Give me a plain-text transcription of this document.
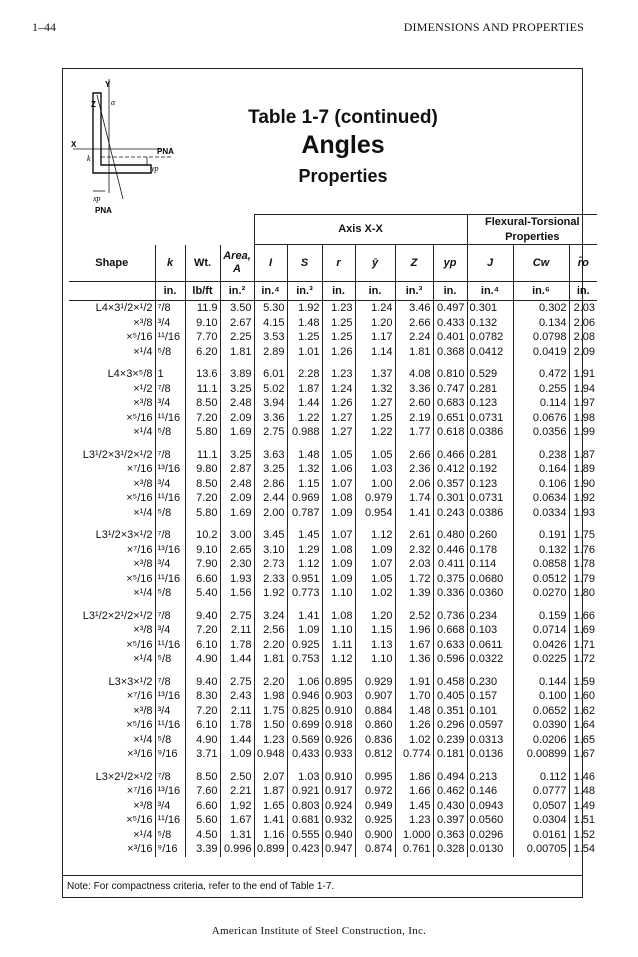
1–44	DIMENSIONS AND PROPERTIES
Y
Z α
X
PNA
yp
k
xp
PNA
Table 1-7 (continued)
Angles
Properties
				Axis X-X						Flexural-Torsional
Properties		
Shape	k	Wt.	Area,
A	I	S	r	ȳ	Z	yp	J	Cw	r̄o
	in.	lb/ft	in.²	in.⁴	in.³	in.	in.	in.³	in.	in.⁴	in.⁶	in.
L4×3¹/2×¹/2	⁷/8	11.9	3.50	5.30	1.92	1.23	1.24	3.46	0.497	0.301	0.302	2.03
×³/8	³/4	9.10	2.67	4.15	1.48	1.25	1.20	2.66	0.433	0.132	0.134	2.06
×⁵/16	¹¹/16	7.70	2.25	3.53	1.25	1.25	1.17	2.24	0.401	0.0782	0.0798	2.08
×¹/4	⁵/8	6.20	1.81	2.89	1.01	1.26	1.14	1.81	0.368	0.0412	0.0419	2.09

L4×3×⁵/8	1	13.6	3.89	6.01	2.28	1.23	1.37	4.08	0.810	0.529	0.472	1.91
×¹/2	⁷/8	11.1	3.25	5.02	1.87	1.24	1.32	3.36	0.747	0.281	0.255	1.94
×³/8	³/4	8.50	2.48	3.94	1.44	1.26	1.27	2.60	0.683	0.123	0.114	1.97
×⁵/16	¹¹/16	7.20	2.09	3.36	1.22	1.27	1.25	2.19	0.651	0.0731	0.0676	1.98
×¹/4	⁵/8	5.80	1.69	2.75	0.988	1.27	1.22	1.77	0.618	0.0386	0.0356	1.99

L3¹/2×3¹/2×¹/2	⁷/8	11.1	3.25	3.63	1.48	1.05	1.05	2.66	0.466	0.281	0.238	1.87
×⁷/16	¹³/16	9.80	2.87	3.25	1.32	1.06	1.03	2.36	0.412	0.192	0.164	1.89
×³/8	³/4	8.50	2.48	2.86	1.15	1.07	1.00	2.06	0.357	0.123	0.106	1.90
×⁵/16	¹¹/16	7.20	2.09	2.44	0.969	1.08	0.979	1.74	0.301	0.0731	0.0634	1.92
×¹/4	⁵/8	5.80	1.69	2.00	0.787	1.09	0.954	1.41	0.243	0.0386	0.0334	1.93

L3¹/2×3×¹/2	⁷/8	10.2	3.00	3.45	1.45	1.07	1.12	2.61	0.480	0.260	0.191	1.75
×⁷/16	¹³/16	9.10	2.65	3.10	1.29	1.08	1.09	2.32	0.446	0.178	0.132	1.76
×³/8	³/4	7.90	2.30	2.73	1.12	1.09	1.07	2.03	0.411	0.114	0.0858	1.78
×⁵/16	¹¹/16	6.60	1.93	2.33	0.951	1.09	1.05	1.72	0.375	0.0680	0.0512	1.79
×¹/4	⁵/8	5.40	1.56	1.92	0.773	1.10	1.02	1.39	0.336	0.0360	0.0270	1.80

L3¹/2×2¹/2×¹/2	⁷/8	9.40	2.75	3.24	1.41	1.08	1.20	2.52	0.736	0.234	0.159	1.66
×³/8	³/4	7.20	2.11	2.56	1.09	1.10	1.15	1.96	0.668	0.103	0.0714	1.69
×⁵/16	¹¹/16	6.10	1.78	2.20	0.925	1.11	1.13	1.67	0.633	0.0611	0.0426	1.71
×¹/4	⁵/8	4.90	1.44	1.81	0.753	1.12	1.10	1.36	0.596	0.0322	0.0225	1.72

L3×3×¹/2	⁷/8	9.40	2.75	2.20	1.06	0.895	0.929	1.91	0.458	0.230	0.144	1.59
×⁷/16	¹³/16	8.30	2.43	1.98	0.946	0.903	0.907	1.70	0.405	0.157	0.100	1.60
×³/8	³/4	7.20	2.11	1.75	0.825	0.910	0.884	1.48	0.351	0.101	0.0652	1.62
×⁵/16	¹¹/16	6.10	1.78	1.50	0.699	0.918	0.860	1.26	0.296	0.0597	0.0390	1.64
×¹/4	⁵/8	4.90	1.44	1.23	0.569	0.926	0.836	1.02	0.239	0.0313	0.0206	1.65
×³/16	⁹/16	3.71	1.09	0.948	0.433	0.933	0.812	0.774	0.181	0.0136	0.00899	1.67

L3×2¹/2×¹/2	⁷/8	8.50	2.50	2.07	1.03	0.910	0.995	1.86	0.494	0.213	0.112	1.46
×⁷/16	¹³/16	7.60	2.21	1.87	0.921	0.917	0.972	1.66	0.462	0.146	0.0777	1.48
×³/8	³/4	6.60	1.92	1.65	0.803	0.924	0.949	1.45	0.430	0.0943	0.0507	1.49
×⁵/16	¹¹/16	5.60	1.67	1.41	0.681	0.932	0.925	1.23	0.397	0.0560	0.0304	1.51
×¹/4	⁵/8	4.50	1.31	1.16	0.555	0.940	0.900	1.000	0.363	0.0296	0.0161	1.52
×³/16	⁹/16	3.39	0.996	0.899	0.423	0.947	0.874	0.761	0.328	0.0130	0.00705	1.54
Note: For compactness criteria, refer to the end of Table 1-7.
American Institute of Steel Construction, Inc.
